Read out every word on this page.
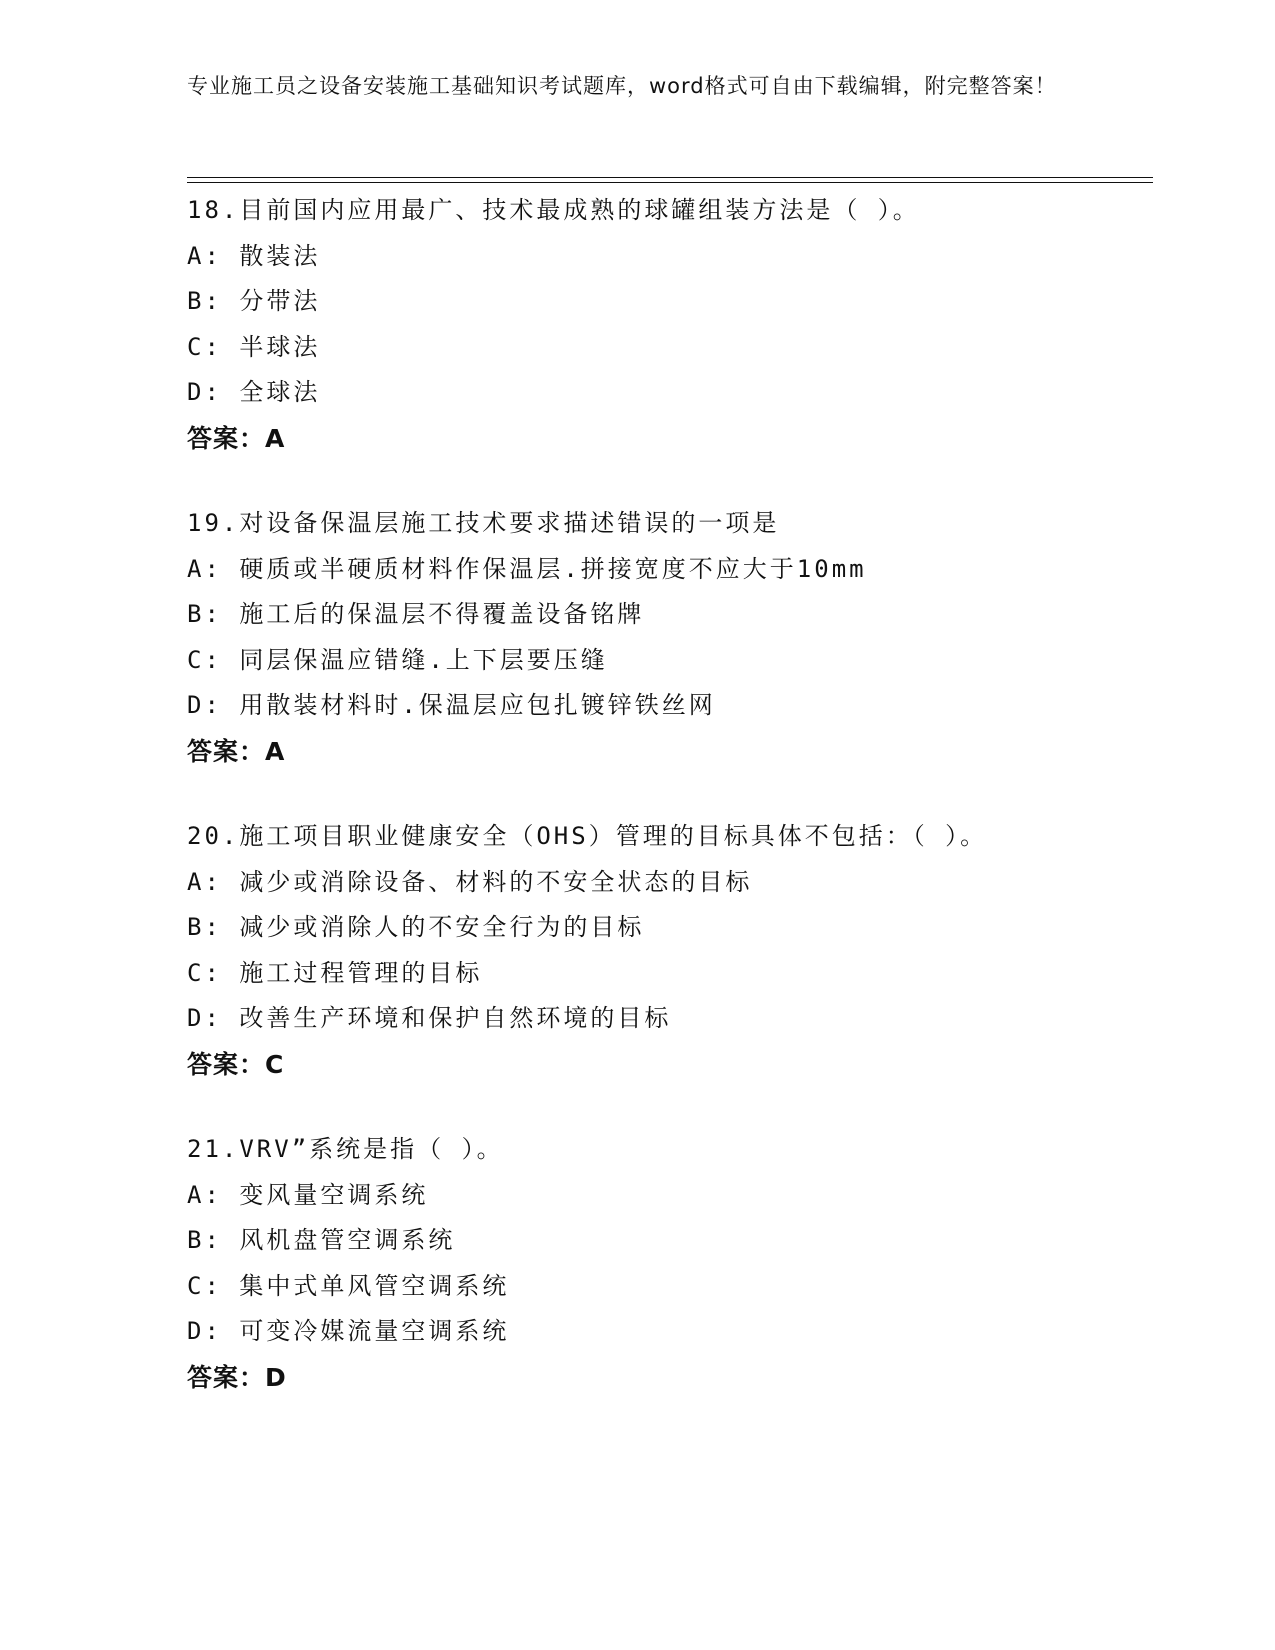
专业施工员之设备安装施工基础知识考试题库，word格式可自由下载编辑，附完整答案！
18.目前国内应用最广、技术最成熟的球罐组装方法是（ ）。
A: 散装法
B: 分带法
C: 半球法
D: 全球法
答案：A
19.对设备保温层施工技术要求描述错误的一项是
A: 硬质或半硬质材料作保温层.拼接宽度不应大于10mm
B: 施工后的保温层不得覆盖设备铭牌
C: 同层保温应错缝.上下层要压缝
D: 用散装材料时.保温层应包扎镀锌铁丝网
答案：A
20.施工项目职业健康安全（OHS）管理的目标具体不包括：（ ）。
A: 减少或消除设备、材料的不安全状态的目标
B: 减少或消除人的不安全行为的目标
C: 施工过程管理的目标
D: 改善生产环境和保护自然环境的目标
答案：C
21.VRV”系统是指（ ）。
A: 变风量空调系统
B: 风机盘管空调系统
C: 集中式单风管空调系统
D: 可变冷媒流量空调系统
答案：D
